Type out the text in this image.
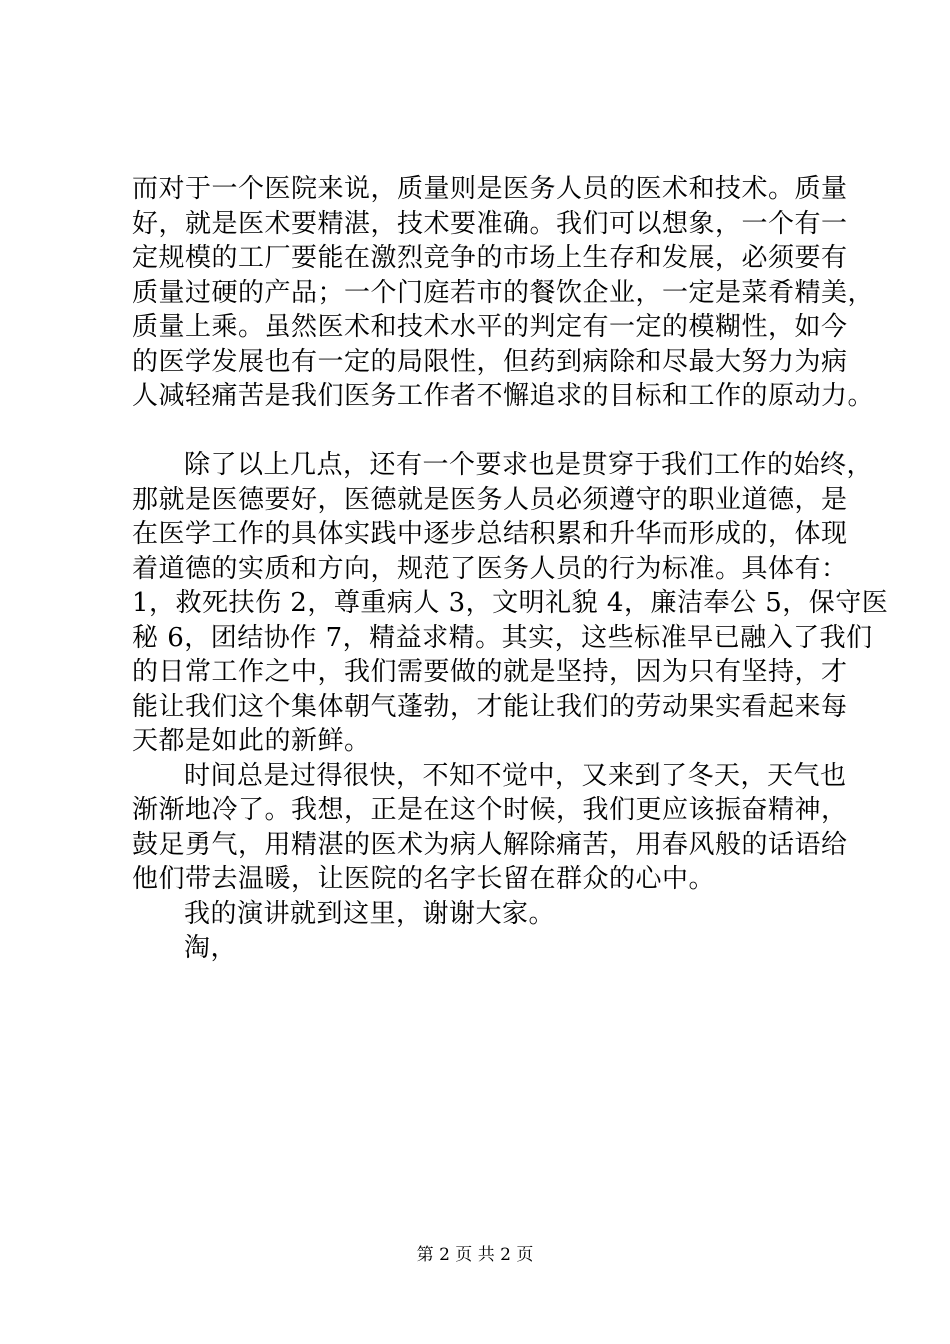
而对于一个医院来说，质量则是医务人员的医术和技术。质量
好，就是医术要精湛，技术要准确。我们可以想象，一个有一
定规模的工厂要能在激烈竞争的市场上生存和发展，必须要有
质量过硬的产品；一个门庭若市的餐饮企业，一定是菜肴精美，
质量上乘。虽然医术和技术水平的判定有一定的模糊性，如今
的医学发展也有一定的局限性，但药到病除和尽最大努力为病
人减轻痛苦是我们医务工作者不懈追求的目标和工作的原动力。

除了以上几点，还有一个要求也是贯穿于我们工作的始终，
那就是医德要好，医德就是医务人员必须遵守的职业道德，是
在医学工作的具体实践中逐步总结积累和升华而形成的，体现
着道德的实质和方向，规范了医务人员的行为标准。具体有：
1，救死扶伤 2，尊重病人 3，文明礼貌 4，廉洁奉公 5，保守医
秘 6，团结协作 7，精益求精。其实，这些标准早已融入了我们
的日常工作之中，我们需要做的就是坚持，因为只有坚持，才
能让我们这个集体朝气蓬勃，才能让我们的劳动果实看起来每
天都是如此的新鲜。

时间总是过得很快，不知不觉中，又来到了冬天，天气也
渐渐地冷了。我想，正是在这个时候，我们更应该振奋精神，
鼓足勇气，用精湛的医术为病人解除痛苦，用春风般的话语给
他们带去温暖，让医院的名字长留在群众的心中。

我的演讲就到这里，谢谢大家。

淘，

第 2 页 共 2 页
